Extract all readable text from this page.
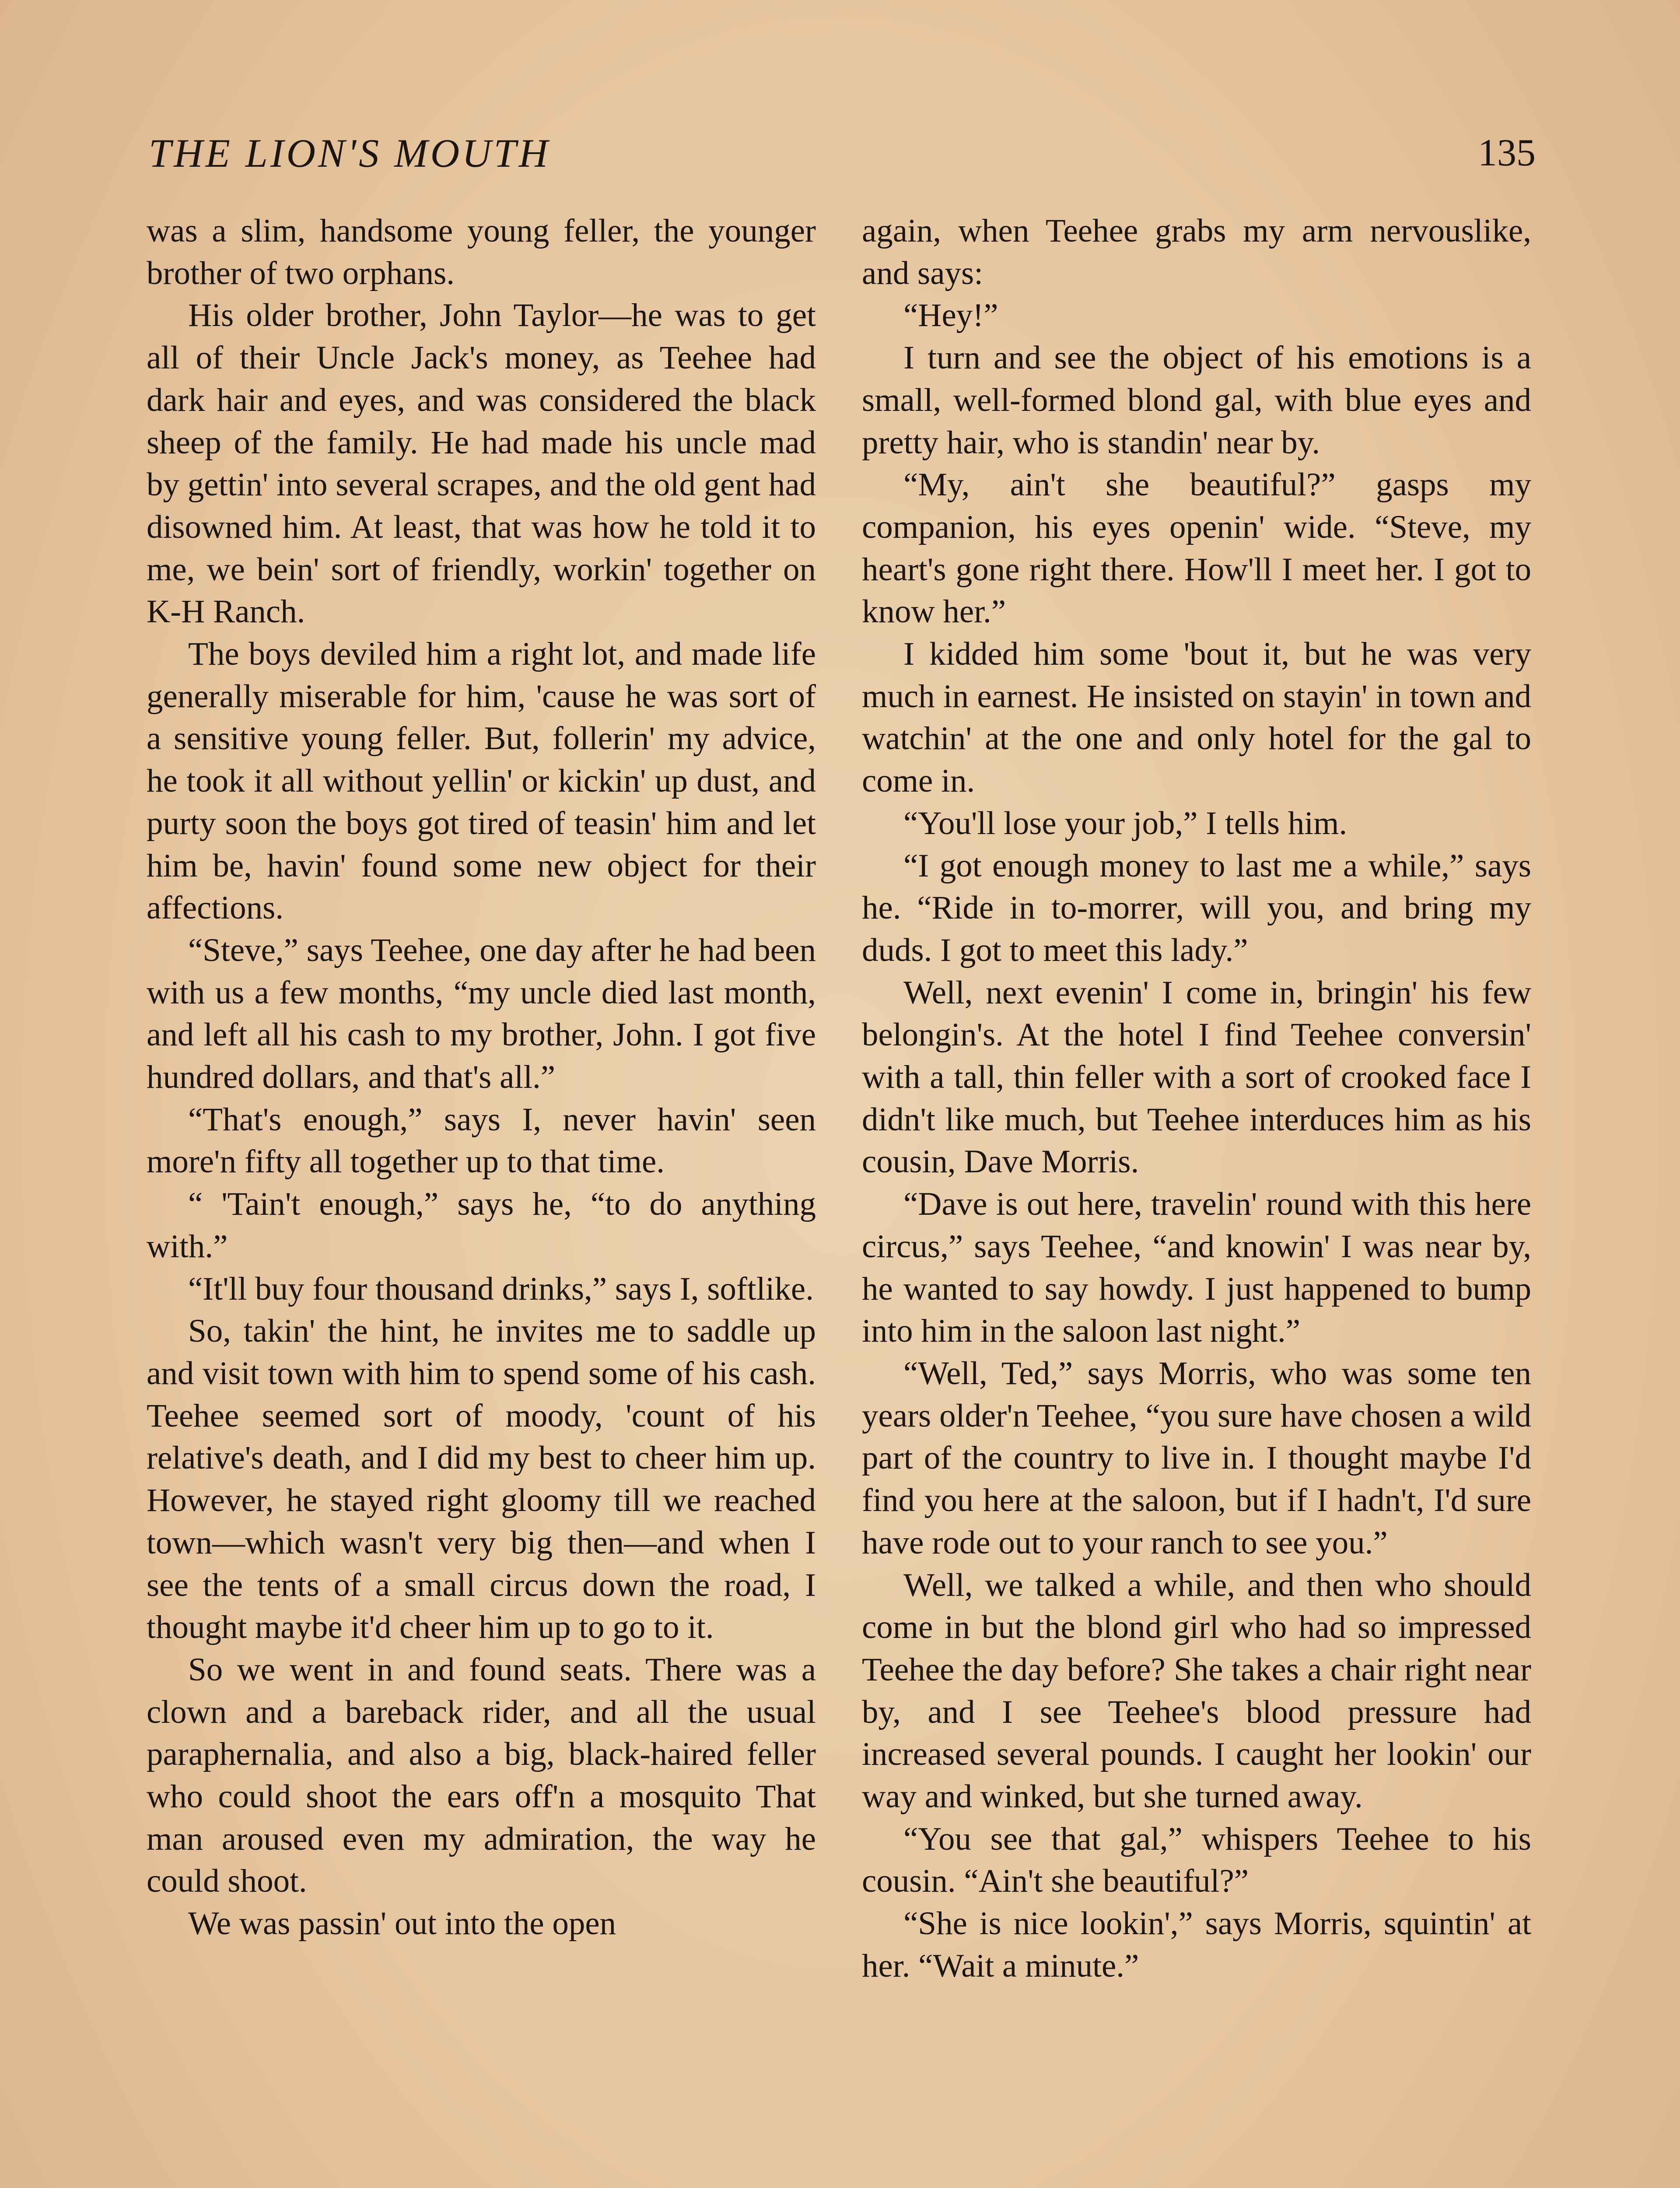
THE LION'S MOUTH	135

was a slim, handsome young feller, the younger brother of two orphans.

His older brother, John Taylor—he was to get all of their Uncle Jack's money, as Teehee had dark hair and eyes, and was considered the black sheep of the family. He had made his uncle mad by gettin' into several scrapes, and the old gent had disowned him. At least, that was how he told it to me, we bein' sort of friendly, workin' together on K-H Ranch.

The boys deviled him a right lot, and made life generally miserable for him, 'cause he was sort of a sensitive young feller. But, follerin' my advice, he took it all without yellin' or kickin' up dust, and purty soon the boys got tired of teasin' him and let him be, havin' found some new object for their affections.

“Steve,” says Teehee, one day after he had been with us a few months, “my uncle died last month, and left all his cash to my brother, John. I got five hundred dollars, and that's all.”

“That's enough,” says I, never havin' seen more'n fifty all together up to that time.

“ 'Tain't enough,” says he, “to do anything with.”

“It'll buy four thousand drinks,” says I, softlike.

So, takin' the hint, he invites me to saddle up and visit town with him to spend some of his cash. Teehee seemed sort of moody, 'count of his relative's death, and I did my best to cheer him up. However, he stayed right gloomy till we reached town—which wasn't very big then—and when I see the tents of a small circus down the road, I thought maybe it'd cheer him up to go to it.

So we went in and found seats. There was a clown and a bareback rider, and all the usual paraphernalia, and also a big, black-haired feller who could shoot the ears off'n a mosquito That man aroused even my admiration, the way he could shoot.

We was passin' out into the open

again, when Teehee grabs my arm nervouslike, and says:

“Hey!”

I turn and see the object of his emotions is a small, well-formed blond gal, with blue eyes and pretty hair, who is standin' near by.

“My, ain't she beautiful?” gasps my companion, his eyes openin' wide. “Steve, my heart's gone right there. How'll I meet her. I got to know her.”

I kidded him some 'bout it, but he was very much in earnest. He insisted on stayin' in town and watchin' at the one and only hotel for the gal to come in.

“You'll lose your job,” I tells him.

“I got enough money to last me a while,” says he. “Ride in to-morrer, will you, and bring my duds. I got to meet this lady.”

Well, next evenin' I come in, bringin' his few belongin's. At the hotel I find Teehee conversin' with a tall, thin feller with a sort of crooked face I didn't like much, but Teehee interduces him as his cousin, Dave Morris.

“Dave is out here, travelin' round with this here circus,” says Teehee, “and knowin' I was near by, he wanted to say howdy. I just happened to bump into him in the saloon last night.”

“Well, Ted,” says Morris, who was some ten years older'n Teehee, “you sure have chosen a wild part of the country to live in. I thought maybe I'd find you here at the saloon, but if I hadn't, I'd sure have rode out to your ranch to see you.”

Well, we talked a while, and then who should come in but the blond girl who had so impressed Teehee the day before? She takes a chair right near by, and I see Teehee's blood pressure had increased several pounds. I caught her lookin' our way and winked, but she turned away.

“You see that gal,” whispers Teehee to his cousin. “Ain't she beautiful?”

“She is nice lookin',” says Morris, squintin' at her. “Wait a minute.”
